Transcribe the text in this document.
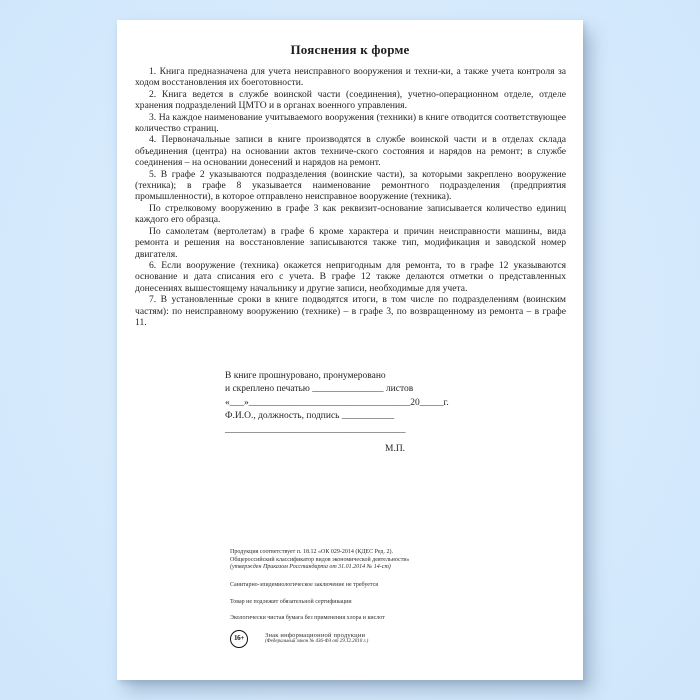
Пояснения к форме

1. Книга предназначена для учета неисправного вооружения и техни-ки, а также учета контроля за ходом восстановления их боеготовности.

2. Книга ведется в службе воинской части (соединения), учетно-операционном отделе, отделе хранения подразделений ЦМТО и в органах военного управления.

3. На каждое наименование учитываемого вооружения (техники) в книге отводится соответствующее количество страниц.

4. Первоначальные записи в книге производятся в службе воинской части и в отделах склада объединения (центра) на основании актов техниче-ского состояния и нарядов на ремонт; в службе соединения – на основании донесений и нарядов на ремонт.

5. В графе 2 указываются подразделения (воинские части), за которыми закреплено вооружение (техника); в графе 8 указывается наименование ремонтного подразделения (предприятия промышленности), в которое отправлено неисправное вооружение (техника).

По стрелковому вооружению в графе 3 как реквизит-основание записывается количество единиц каждого его образца.

По самолетам (вертолетам) в графе 6 кроме характера и причин неисправности машины, вида ремонта и решения на восстановление записываются также тип, модификация и заводской номер двигателя.

6. Если вооружение (техника) окажется непригодным для ремонта, то в графе 12 указываются основание и дата списания его с учета. В графе 12 также делаются отметки о представленных донесениях вышестоящему начальнику и другие записи, необходимые для учета.

7. В установленные сроки в книге подводятся итоги, в том числе по подразделениям (воинским частям): по неисправному вооружению (технике) – в графе 3, по возвращенному из ремонта – в графе 11.

В книге прошнуровано, пронумеровано
и скреплено печатью _______________ листов
«___»__________________________________20_____г.
Ф.И.О., должность, подпись ___________
______________________________________
М.П.
Продукция соответствует п. 18.12 «ОК 029-2014 (КДЕС Ред. 2).
Общероссийский классификатор видов экономической деятельности»
(утвержден Приказом Росстандарта от 31.01.2014 № 14-ст)
Санитарно-эпидемиологическое заключение не требуется
Товар не подлежит обязательной сертификации
Экологически чистая бумага без применения хлора и кислот
16+	Знак информационной продукции
(Федеральный закон № 436-ФЗ от 29.12.2010 г.)
